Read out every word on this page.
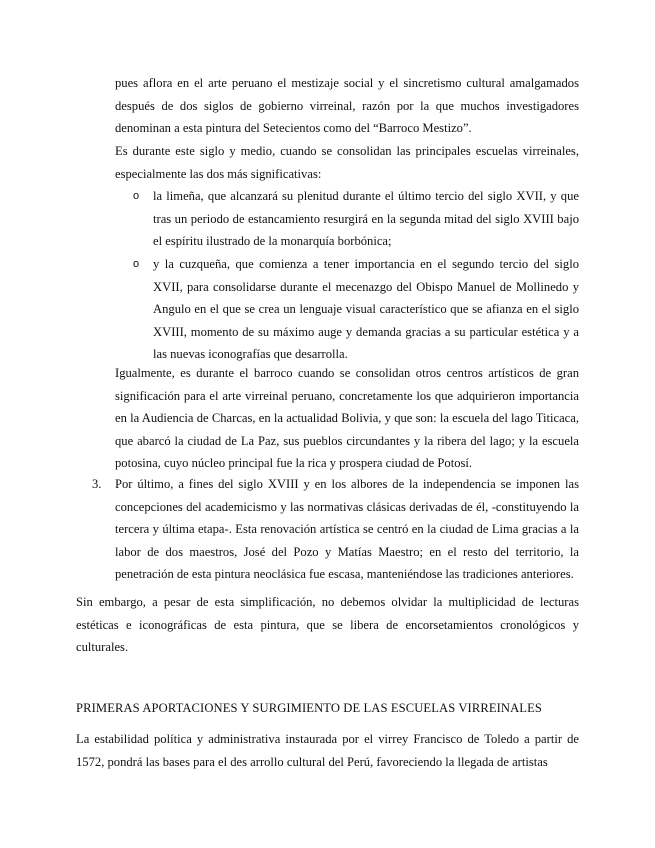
pues aflora en el arte peruano el mestizaje social y el sincretismo cultural amalgamados después de dos siglos de gobierno virreinal, razón por la que muchos investigadores denominan a esta pintura del Setecientos como del “Barroco Mestizo”.

Es durante este siglo y medio, cuando se consolidan las principales escuelas virreinales, especialmente las dos más significativas:

o la limeña, que alcanzará su plenitud durante el último tercio del siglo XVII, y que tras un periodo de estancamiento resurgirá en la segunda mitad del siglo XVIII bajo el espíritu ilustrado de la monarquía borbónica;

o y la cuzqueña, que comienza a tener importancia en el segundo tercio del siglo XVII, para consolidarse durante el mecenazgo del Obispo Manuel de Mollinedo y Angulo en el que se crea un lenguaje visual característico que se afianza en el siglo XVIII, momento de su máximo auge y demanda gracias a su particular estética y a las nuevas iconografías que desarrolla.

Igualmente, es durante el barroco cuando se consolidan otros centros artísticos de gran significación para el arte virreinal peruano, concretamente los que adquirieron importancia en la Audiencia de Charcas, en la actualidad Bolivia, y que son: la escuela del lago Titicaca, que abarcó la ciudad de La Paz, sus pueblos circundantes y la ribera del lago; y la escuela potosina, cuyo núcleo principal fue la rica y prospera ciudad de Potosí.

3. Por último, a fines del siglo XVIII y en los albores de la independencia se imponen las concepciones del academicismo y las normativas clásicas derivadas de él, -constituyendo la tercera y última etapa-. Esta renovación artística se centró en la ciudad de Lima gracias a la labor de dos maestros, José del Pozo y Matías Maestro; en el resto del territorio, la penetración de esta pintura neoclásica fue escasa, manteniéndose las tradiciones anteriores.

Sin embargo, a pesar de esta simplificación, no debemos olvidar la multiplicidad de lecturas estéticas e iconográficas de esta pintura, que se libera de encorsetamientos cronológicos y culturales.

PRIMERAS APORTACIONES Y SURGIMIENTO DE LAS ESCUELAS VIRREINALES

La estabilidad política y administrativa instaurada por el virrey Francisco de Toledo a partir de 1572, pondrá las bases para el des arrollo cultural del Perú, favoreciendo la llegada de artistas
